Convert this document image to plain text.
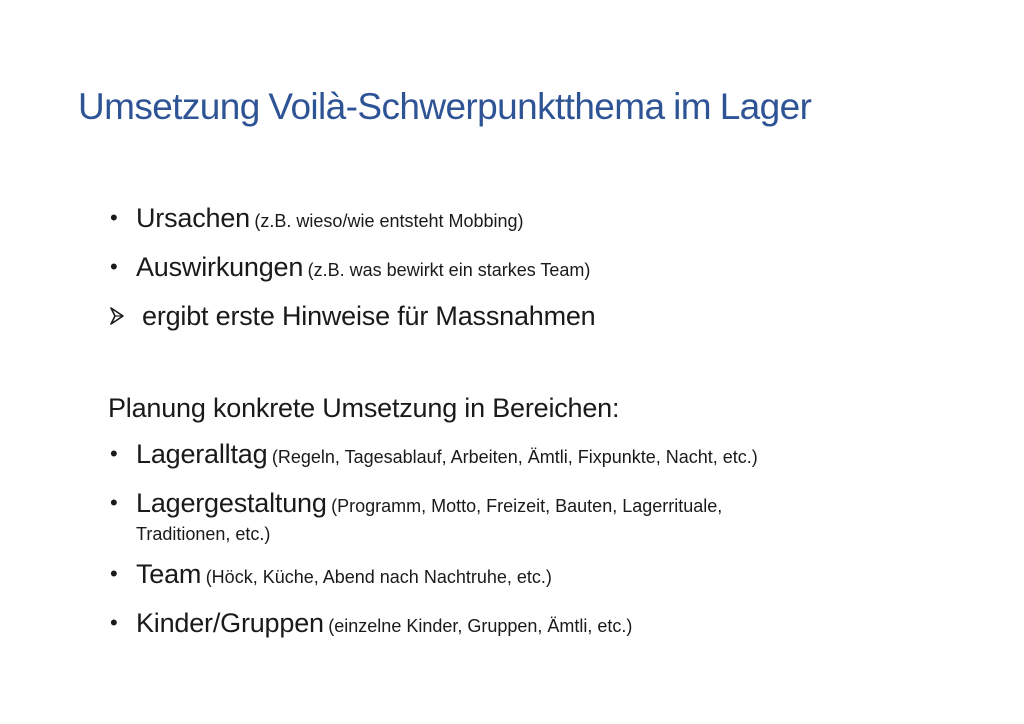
Umsetzung Voilà-Schwerpunktthema im Lager
• Ursachen (z.B. wieso/wie entsteht Mobbing)
• Auswirkungen (z.B. was bewirkt ein starkes Team)
ergibt erste Hinweise für Massnahmen
Planung konkrete Umsetzung in Bereichen:
• Lageralltag (Regeln, Tagesablauf, Arbeiten, Ämtli, Fixpunkte, Nacht, etc.)
• Lagergestaltung (Programm, Motto, Freizeit, Bauten, Lagerrituale,
Traditionen, etc.)
• Team (Höck, Küche, Abend nach Nachtruhe, etc.)
• Kinder/Gruppen (einzelne Kinder, Gruppen, Ämtli, etc.)
